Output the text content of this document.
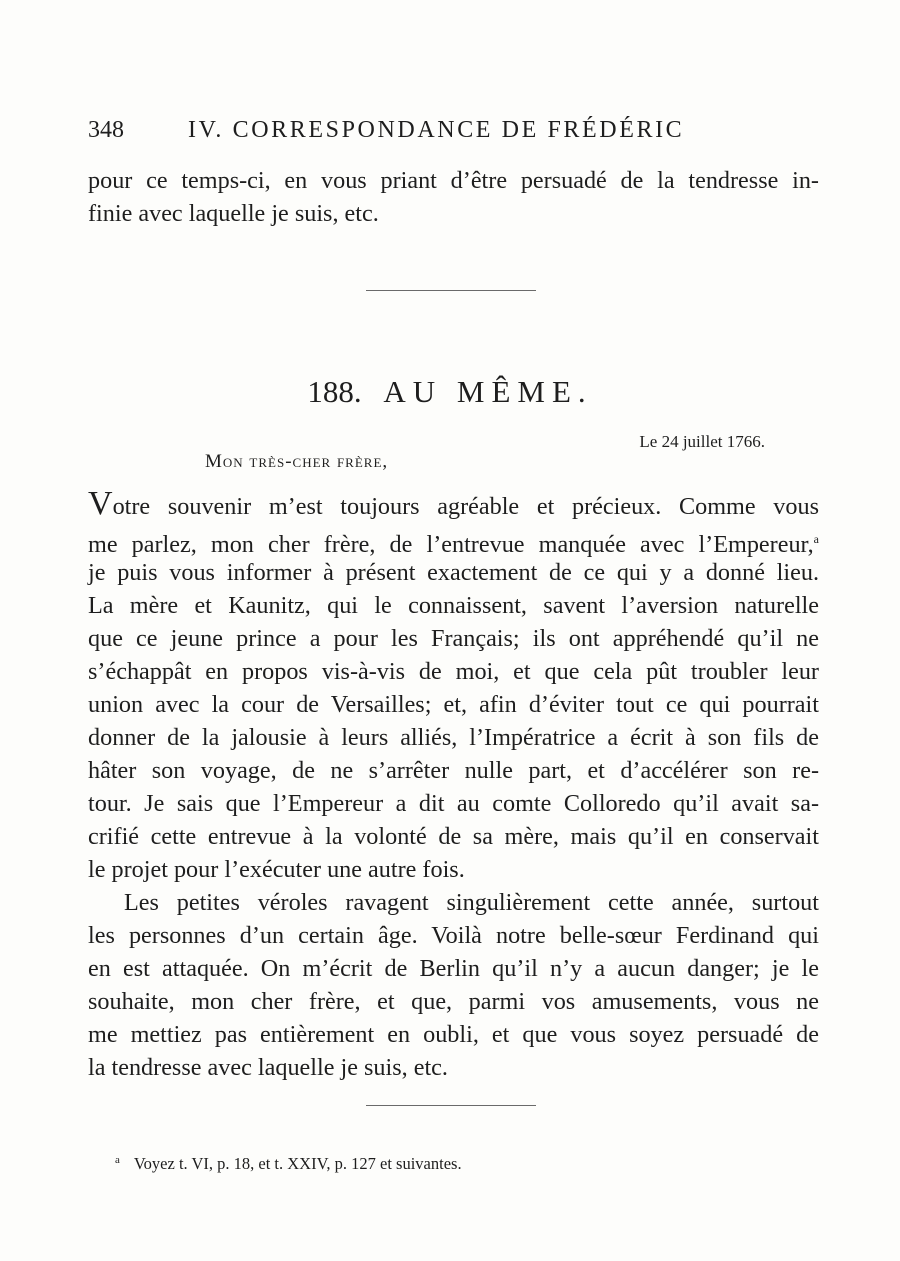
348	IV. CORRESPONDANCE DE FRÉDÉRIC
pour ce temps-ci, en vous priant d’être persuadé de la tendresse in-
finie avec laquelle je suis, etc.
188. AU MÊME.
Le 24 juillet 1766.
Mon très-cher frère,
Votre souvenir m’est toujours agréable et précieux. Comme vous
me parlez, mon cher frère, de l’entrevue manquée avec l’Empereur,$^a$
je puis vous informer à présent exactement de ce qui y a donné lieu.
La mère et Kaunitz, qui le connaissent, savent l’aversion naturelle
que ce jeune prince a pour les Français; ils ont appréhendé qu’il ne
s’échappât en propos vis-à-vis de moi, et que cela pût troubler leur
union avec la cour de Versailles; et, afin d’éviter tout ce qui pourrait
donner de la jalousie à leurs alliés, l’Impératrice a écrit à son fils de
hâter son voyage, de ne s’arrêter nulle part, et d’accélérer son re-
tour. Je sais que l’Empereur a dit au comte Colloredo qu’il avait sa-
crifié cette entrevue à la volonté de sa mère, mais qu’il en conservait
le projet pour l’exécuter une autre fois.
Les petites véroles ravagent singulièrement cette année, surtout
les personnes d’un certain âge. Voilà notre belle-sœur Ferdinand qui
en est attaquée. On m’écrit de Berlin qu’il n’y a aucun danger; je le
souhaite, mon cher frère, et que, parmi vos amusements, vous ne
me mettiez pas entièrement en oubli, et que vous soyez persuadé de
la tendresse avec laquelle je suis, etc.
$^a$ Voyez t. VI, p. 18, et t. XXIV, p. 127 et suivantes.
